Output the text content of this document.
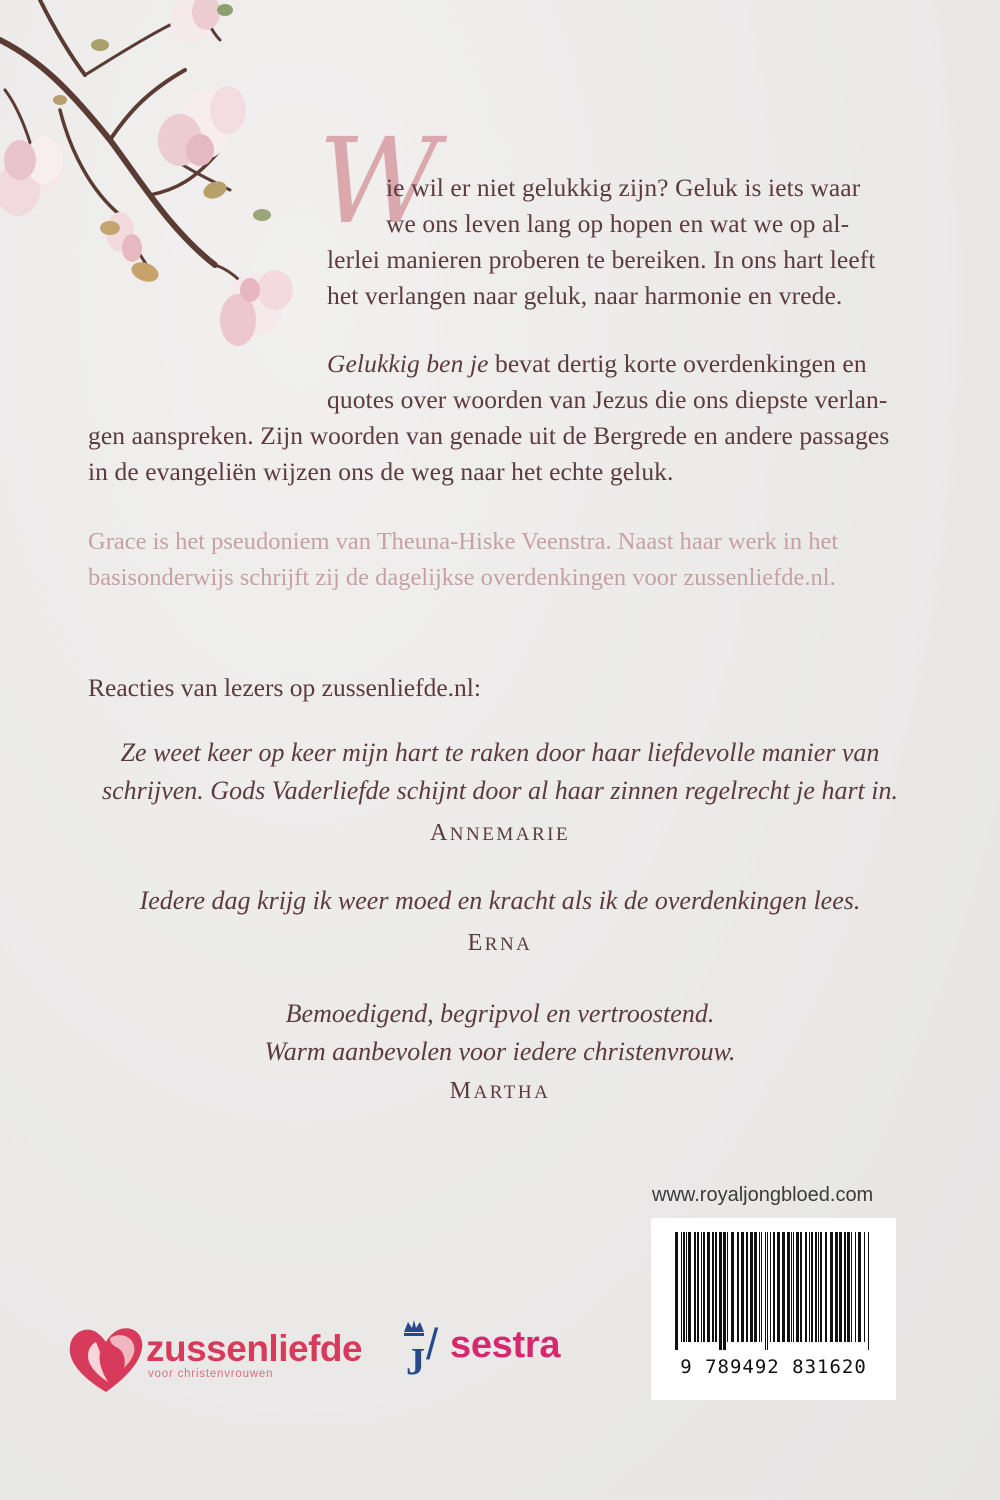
W
ie wil er niet gelukkig zijn? Geluk is iets waar
we ons leven lang op hopen en wat we op al-
lerlei manieren proberen te bereiken. In ons hart leeft
het verlangen naar geluk, naar harmonie en vrede.
Gelukkig ben je bevat dertig korte overdenkingen en
quotes over woorden van Jezus die ons diepste verlan-
gen aanspreken. Zijn woorden van genade uit de Bergrede en andere passages
in de evangeliën wijzen ons de weg naar het echte geluk.
Grace is het pseudoniem van Theuna-Hiske Veenstra. Naast haar werk in het
basisonderwijs schrijft zij de dagelijkse overdenkingen voor zussenliefde.nl.
Reacties van lezers op zussenliefde.nl:
Ze weet keer op keer mijn hart te raken door haar liefdevolle manier van
schrijven. Gods Vaderliefde schijnt door al haar zinnen regelrecht je hart in.
ANNEMARIE
Iedere dag krijg ik weer moed en kracht als ik de overdenkingen lees.
ERNA
Bemoedigend, begripvol en vertroostend.
Warm aanbevolen voor iedere christenvrouw.
MARTHA
www.royaljongbloed.com
9 789492 831620
zussenliefde
voor christenvrouwen	J / sestra
